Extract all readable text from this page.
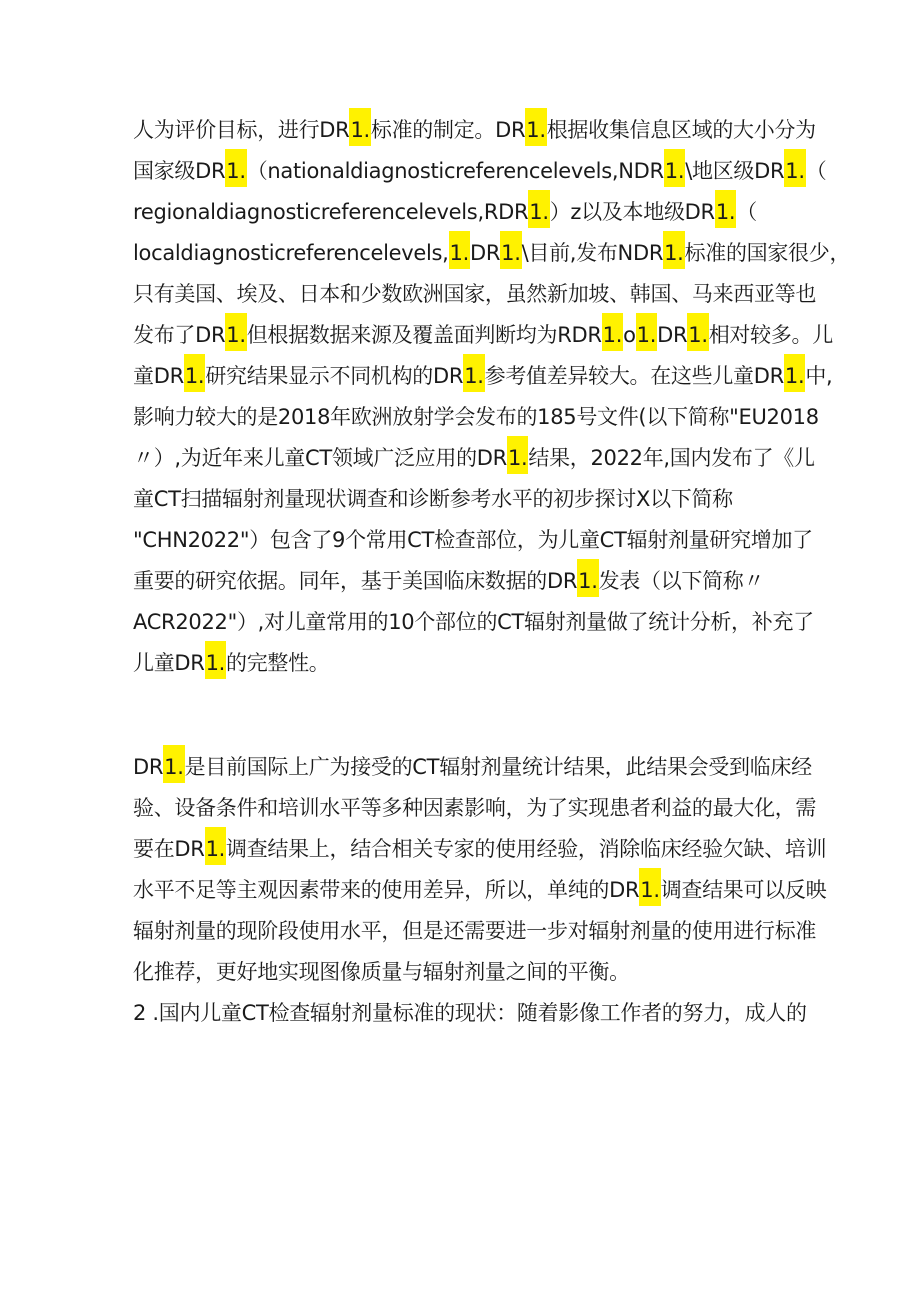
人为评价目标，进行DR1.标准的制定。DR1.根据收集信息区域的大小分为
国家级DR1.（nationaldiagnosticreferencelevels,NDR1.\地区级DR1.（
regionaldiagnosticreferencelevels,RDR1.）z以及本地级DR1.（
localdiagnosticreferencelevels,1.DR1.\目前,发布NDR1.标准的国家很少，
只有美国、埃及、日本和少数欧洲国家，虽然新加坡、韩国、马来西亚等也
发布了DR1.但根据数据来源及覆盖面判断均为RDR1.o1.DR1.相对较多。儿
童DR1.研究结果显示不同机构的DR1.参考值差异较大。在这些儿童DR1.中,
影响力较大的是2018年欧洲放射学会发布的185号文件(以下简称"EU2018
〃）,为近年来儿童CT领域广泛应用的DR1.结果，2022年,国内发布了《儿
童CT扫描辐射剂量现状调查和诊断参考水平的初步探讨X以下简称
"CHN2022"）包含了9个常用CT检查部位，为儿童CT辐射剂量研究增加了
重要的研究依据。同年，基于美国临床数据的DR1.发表（以下简称〃
ACR2022"）,对儿童常用的10个部位的CT辐射剂量做了统计分析，补充了
儿童DR1.的完整性。
DR1.是目前国际上广为接受的CT辐射剂量统计结果，此结果会受到临床经
验、设备条件和培训水平等多种因素影响，为了实现患者利益的最大化，需
要在DR1.调查结果上，结合相关专家的使用经验，消除临床经验欠缺、培训
水平不足等主观因素带来的使用差异，所以，单纯的DR1.调查结果可以反映
辐射剂量的现阶段使用水平，但是还需要进一步对辐射剂量的使用进行标准
化推荐，更好地实现图像质量与辐射剂量之间的平衡。
2 .国内儿童CT检查辐射剂量标准的现状：随着影像工作者的努力，成人的
